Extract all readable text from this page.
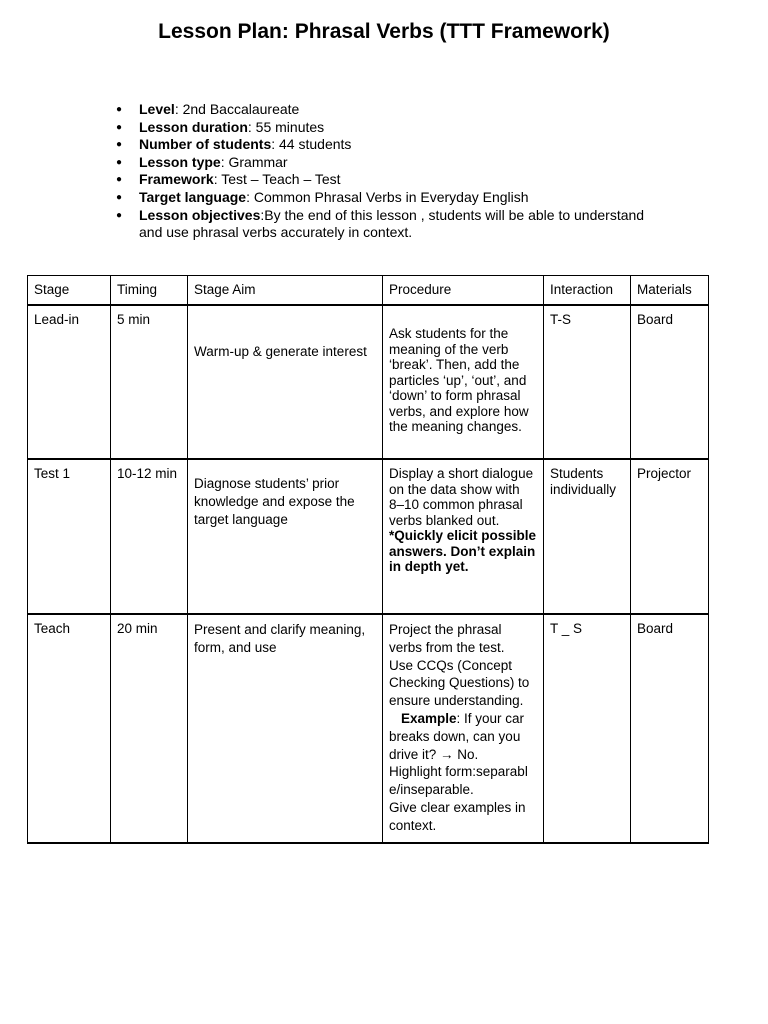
Lesson Plan: Phrasal Verbs (TTT Framework)
● Level: 2nd Baccalaureate
● Lesson duration: 55 minutes
● Number of students: 44 students
● Lesson type: Grammar
● Framework: Test – Teach – Test
● Target language: Common Phrasal Verbs in Everyday English
● Lesson objectives:By the end of this lesson , students will be able to understand and use phrasal verbs accurately in context.
Stage	Timing	Stage Aim	Procedure	Interaction	Materials
Lead-in	5 min	Warm-up & generate interest	Ask students for the meaning of the verb ‘break’. Then, add the particles ‘up’, ‘out’, and ‘down’ to form phrasal verbs, and explore how the meaning changes.	T-S	Board
Test 1	10-12 min	Diagnose students’ prior knowledge and expose the target language	Display a short dialogue on the data show with 8–10 common phrasal verbs blanked out.
*Quickly elicit possible answers. Don’t explain in depth yet.	Students individually	Projector
Teach	20 min	Present and clarify meaning, form, and use	Project the phrasal verbs from the test.
Use CCQs (Concept Checking Questions) to ensure understanding.
Example: If your car breaks down, can you drive it? → No.
Highlight form:separable/inseparable.
Give clear examples in context.	T _ S	Board
